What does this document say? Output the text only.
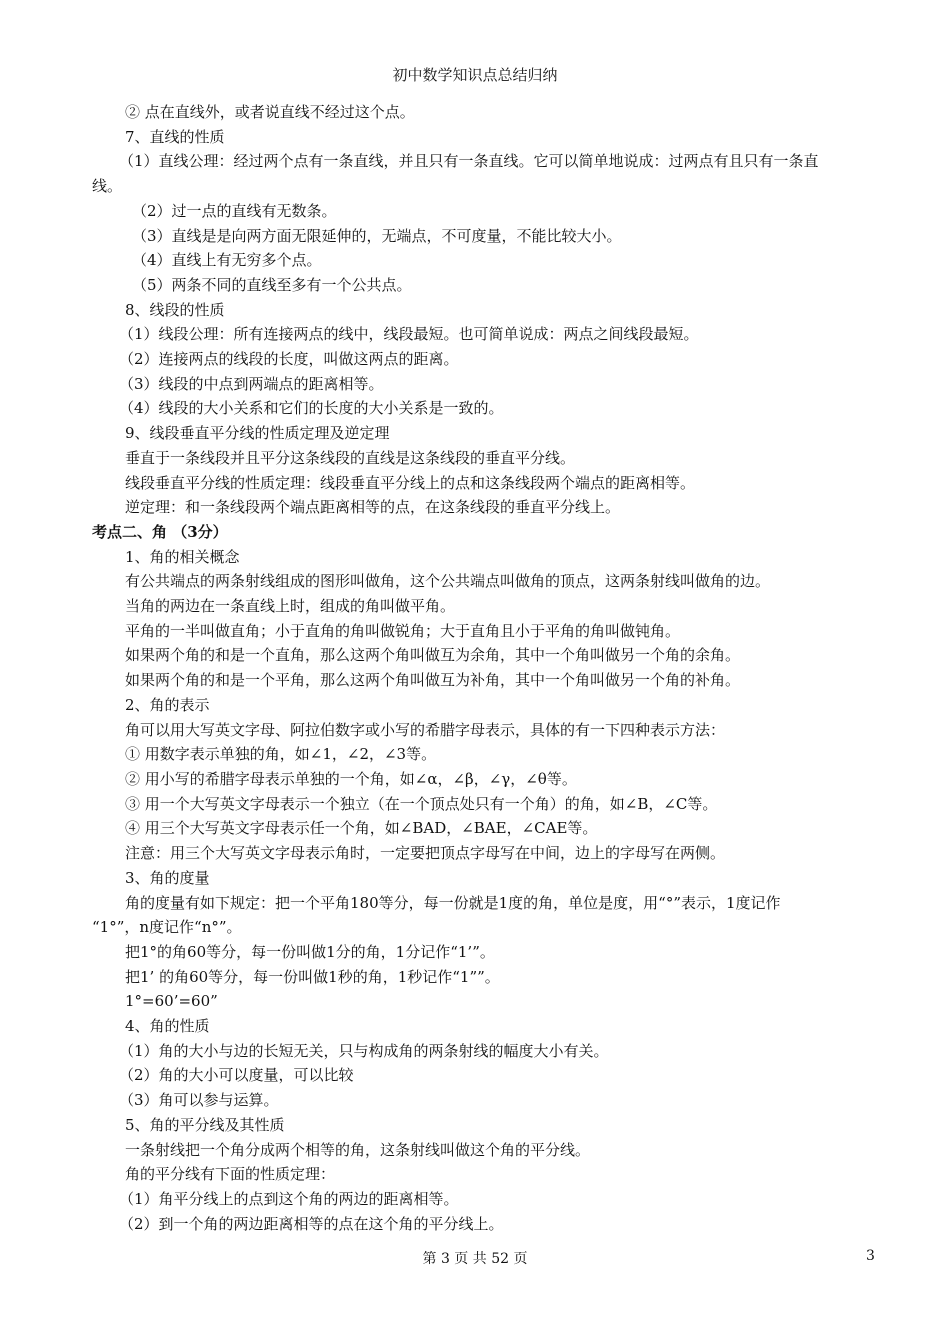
初中数学知识点总结归纳

② 点在直线外，或者说直线不经过这个点。

7、直线的性质

（1）直线公理：经过两个点有一条直线，并且只有一条直线。它可以简单地说成：过两点有且只有一条直

线。

（2）过一点的直线有无数条。

（3）直线是是向两方面无限延伸的，无端点，不可度量，不能比较大小。

（4）直线上有无穷多个点。

（5）两条不同的直线至多有一个公共点。

8、线段的性质

（1）线段公理：所有连接两点的线中，线段最短。也可简单说成：两点之间线段最短。

（2）连接两点的线段的长度，叫做这两点的距离。

（3）线段的中点到两端点的距离相等。

（4）线段的大小关系和它们的长度的大小关系是一致的。

9、线段垂直平分线的性质定理及逆定理

垂直于一条线段并且平分这条线段的直线是这条线段的垂直平分线。

线段垂直平分线的性质定理：线段垂直平分线上的点和这条线段两个端点的距离相等。

逆定理：和一条线段两个端点距离相等的点，在这条线段的垂直平分线上。

考点二、角 （3分）

1、角的相关概念

有公共端点的两条射线组成的图形叫做角，这个公共端点叫做角的顶点，这两条射线叫做角的边。

当角的两边在一条直线上时，组成的角叫做平角。

平角的一半叫做直角；小于直角的角叫做锐角；大于直角且小于平角的角叫做钝角。

如果两个角的和是一个直角，那么这两个角叫做互为余角，其中一个角叫做另一个角的余角。

如果两个角的和是一个平角，那么这两个角叫做互为补角，其中一个角叫做另一个角的补角。

2、角的表示

角可以用大写英文字母、阿拉伯数字或小写的希腊字母表示，具体的有一下四种表示方法：

① 用数字表示单独的角，如∠1，∠2，∠3等。

② 用小写的希腊字母表示单独的一个角，如∠α，∠β，∠γ，∠θ等。

③ 用一个大写英文字母表示一个独立（在一个顶点处只有一个角）的角，如∠B，∠C等。

④ 用三个大写英文字母表示任一个角，如∠BAD，∠BAE，∠CAE等。

注意：用三个大写英文字母表示角时，一定要把顶点字母写在中间，边上的字母写在两侧。

3、角的度量

角的度量有如下规定：把一个平角180等分，每一份就是1度的角，单位是度，用“°”表示，1度记作

“1°”，n度记作“n°”。

把1°的角60等分，每一份叫做1分的角，1分记作“1’”。

把1’ 的角60等分，每一份叫做1秒的角，1秒记作“1””。

1°=60’=60”

4、角的性质

（1）角的大小与边的长短无关，只与构成角的两条射线的幅度大小有关。

（2）角的大小可以度量，可以比较

（3）角可以参与运算。

5、角的平分线及其性质

一条射线把一个角分成两个相等的角，这条射线叫做这个角的平分线。

角的平分线有下面的性质定理：

（1）角平分线上的点到这个角的两边的距离相等。

（2）到一个角的两边距离相等的点在这个角的平分线上。

第 3 页 共 52 页	3
